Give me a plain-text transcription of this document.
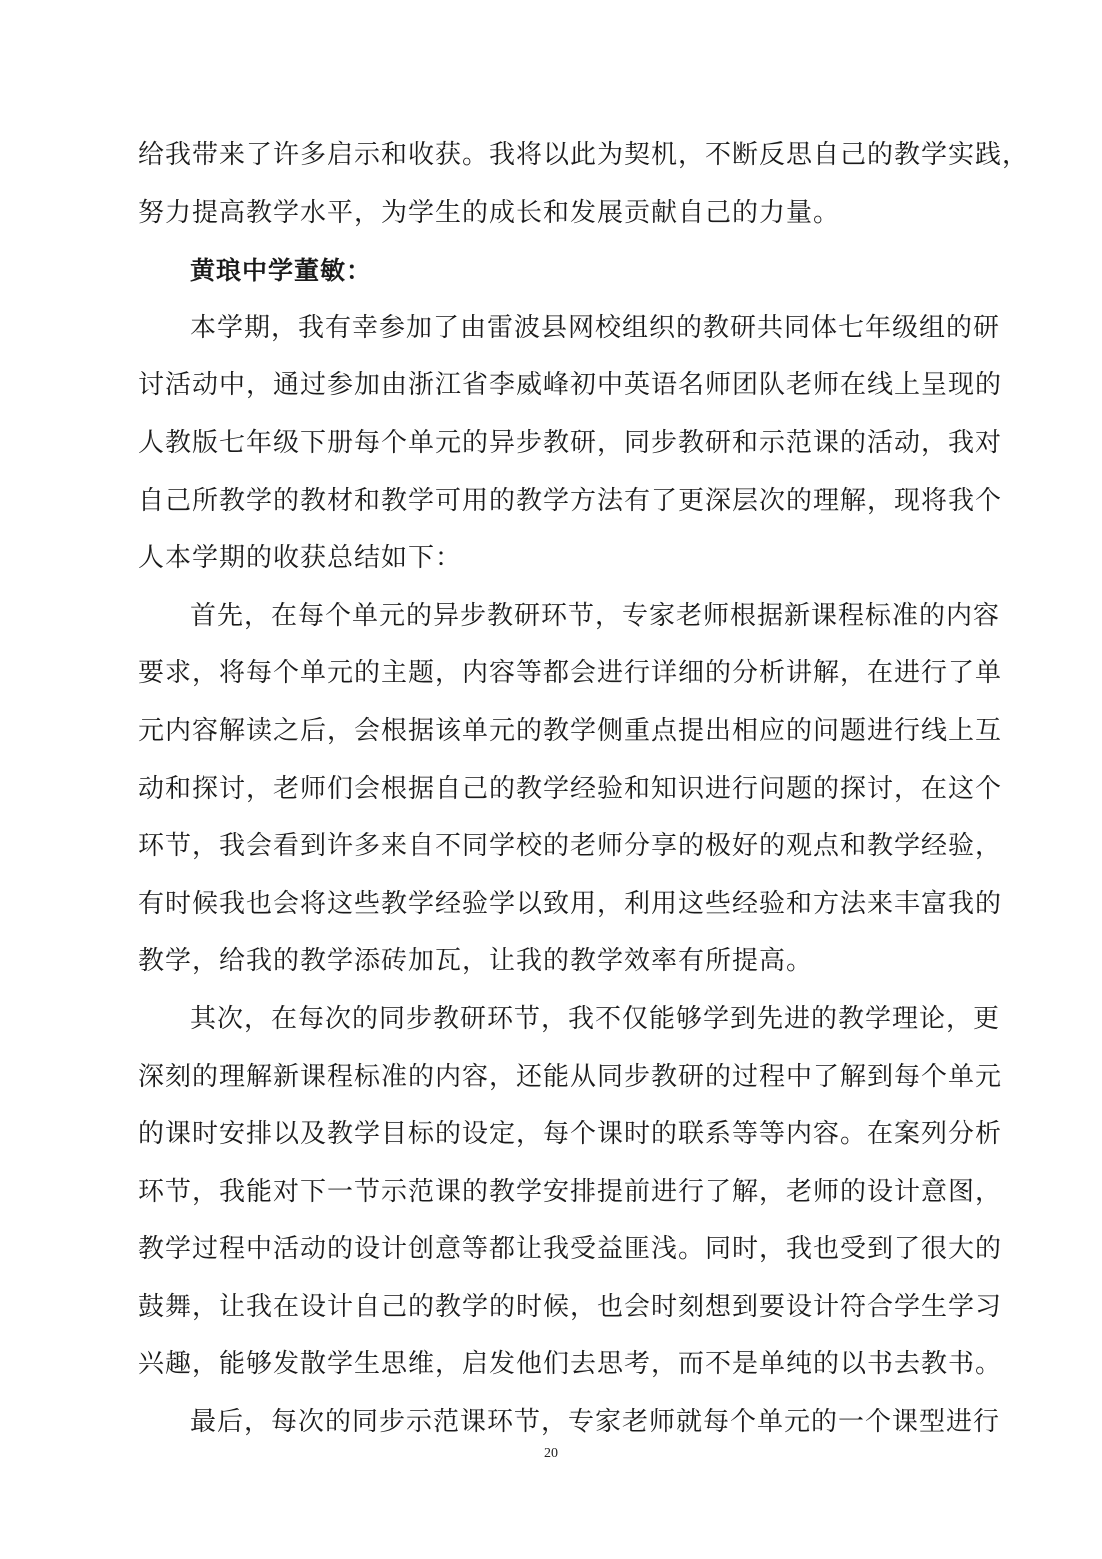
给我带来了许多启示和收获。我将以此为契机，不断反思自己的教学实践，
努力提高教学水平，为学生的成长和发展贡献自己的力量。
黄琅中学董敏：
本学期，我有幸参加了由雷波县网校组织的教研共同体七年级组的研
讨活动中，通过参加由浙江省李威峰初中英语名师团队老师在线上呈现的
人教版七年级下册每个单元的异步教研，同步教研和示范课的活动，我对
自己所教学的教材和教学可用的教学方法有了更深层次的理解，现将我个
人本学期的收获总结如下：
首先，在每个单元的异步教研环节，专家老师根据新课程标准的内容
要求，将每个单元的主题，内容等都会进行详细的分析讲解，在进行了单
元内容解读之后，会根据该单元的教学侧重点提出相应的问题进行线上互
动和探讨，老师们会根据自己的教学经验和知识进行问题的探讨，在这个
环节，我会看到许多来自不同学校的老师分享的极好的观点和教学经验，
有时候我也会将这些教学经验学以致用，利用这些经验和方法来丰富我的
教学，给我的教学添砖加瓦，让我的教学效率有所提高。
其次，在每次的同步教研环节，我不仅能够学到先进的教学理论，更
深刻的理解新课程标准的内容，还能从同步教研的过程中了解到每个单元
的课时安排以及教学目标的设定，每个课时的联系等等内容。在案列分析
环节，我能对下一节示范课的教学安排提前进行了解，老师的设计意图，
教学过程中活动的设计创意等都让我受益匪浅。同时，我也受到了很大的
鼓舞，让我在设计自己的教学的时候，也会时刻想到要设计符合学生学习
兴趣，能够发散学生思维，启发他们去思考，而不是单纯的以书去教书。
最后，每次的同步示范课环节，专家老师就每个单元的一个课型进行
20
